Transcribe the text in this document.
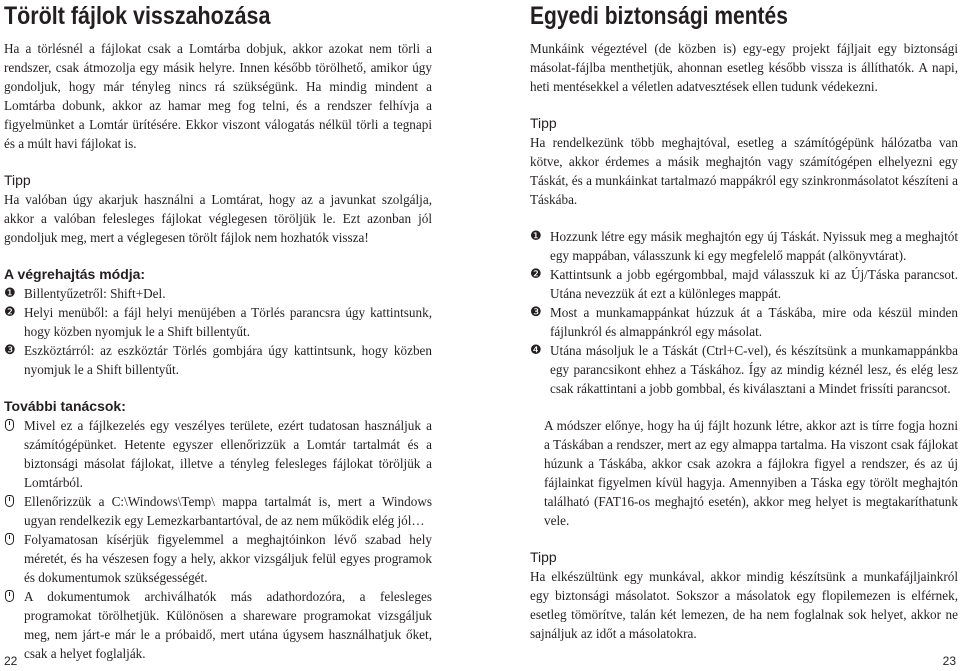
Törölt fájlok visszahozása

Ha a törlésnél a fájlokat csak a Lomtárba dobjuk, akkor azokat nem törli a rendszer, csak átmozolja egy másik helyre. Innen később törölhető, amikor úgy gondoljuk, hogy már tényleg nincs rá szükségünk. Ha mindig mindent a Lomtárba dobunk, akkor az hamar meg fog telni, és a rendszer felhívja a figyelmünket a Lomtár ürítésére. Ekkor viszont válogatás nélkül törli a tegnapi és a múlt havi fájlokat is.

Tipp

Ha valóban úgy akarjuk használni a Lomtárat, hogy az a javunkat szolgálja, akkor a valóban felesleges fájlokat véglegesen töröljük le. Ezt azonban jól gondoljuk meg, mert a véglegesen törölt fájlok nem hozhatók vissza!

A végrehajtás módja:
❶ Billentyűzetről: Shift+Del.
❷ Helyi menüből: a fájl helyi menüjében a Törlés parancsra úgy kattintsunk, hogy közben nyomjuk le a Shift billentyűt.
❸ Eszköztárról: az eszköztár Törlés gombjára úgy kattintsunk, hogy közben nyomjuk le a Shift billentyűt.
További tanácsok:
Mivel ez a fájlkezelés egy veszélyes területe, ezért tudatosan használjuk a számítógépünket. Hetente egyszer ellenőrizzük a Lomtár tartalmát és a biztonsági másolat fájlokat, illetve a tényleg felesleges fájlokat töröljük a Lomtárból.
Ellenőrizzük a C:\Windows\Temp\ mappa tartalmát is, mert a Windows ugyan rendelkezik egy Lemezkarbantartóval, de az nem működik elég jól…
Folyamatosan kísérjük figyelemmel a meghajtóinkon lévő szabad hely méretét, és ha vészesen fogy a hely, akkor vizsgáljuk felül egyes programok és dokumentumok szükségességét.
A dokumentumok archiválhatók más adathordozóra, a felesleges programokat törölhetjük. Különösen a shareware programokat vizsgáljuk meg, nem járt-e már le a próbaidő, mert utána úgysem használhatjuk őket, csak a helyet foglalják.
22
Egyedi biztonsági mentés

Munkáink végeztével (de közben is) egy-egy projekt fájljait egy biztonsági másolat-fájlba menthetjük, ahonnan esetleg később vissza is állíthatók. A napi, heti mentésekkel a véletlen adatvesztések ellen tudunk védekezni.

Tipp

Ha rendelkezünk több meghajtóval, esetleg a számítógépünk hálózatba van kötve, akkor érdemes a másik meghajtón vagy számítógépen elhelyezni egy Táskát, és a munkáinkat tartalmazó mappákról egy szinkronmásolatot készíteni a Táskába.

❶ Hozzunk létre egy másik meghajtón egy új Táskát. Nyissuk meg a meghajtót egy mappában, válasszunk ki egy megfelelő mappát (alkönyvtárat).
❷ Kattintsunk a jobb egérgombbal, majd válasszuk ki az Új/Táska parancsot. Utána nevezzük át ezt a különleges mappát.
❸ Most a munkamappánkat húzzuk át a Táskába, mire oda készül minden fájlunkról és almappánkról egy másolat.
❹ Utána másoljuk le a Táskát (Ctrl+C-vel), és készítsünk a munkamappánkba egy parancsikont ehhez a Táskához. Így az mindig kéznél lesz, és elég lesz csak rákattintani a jobb gombbal, és kiválasztani a Mindet frissíti parancsot.

A módszer előnye, hogy ha új fájlt hozunk létre, akkor azt is tírre fogja hozni a Táskában a rendszer, mert az egy almappa tartalma. Ha viszont csak fájlokat húzunk a Táskába, akkor csak azokra a fájlokra figyel a rendszer, és az új fájlainkat figyelmen kívül hagyja. Amennyiben a Táska egy törölt meghajtón található (FAT16-os meghajtó esetén), akkor meg helyet is megtakaríthatunk vele.

Tipp

Ha elkészültünk egy munkával, akkor mindig készítsünk a munkafájljainkról egy biztonsági másolatot. Sokszor a másolatok egy flopilemezen is elférnek, esetleg tömörítve, talán két lemezen, de ha nem foglalnak sok helyet, akkor ne sajnáljuk az időt a másolatokra.

23
